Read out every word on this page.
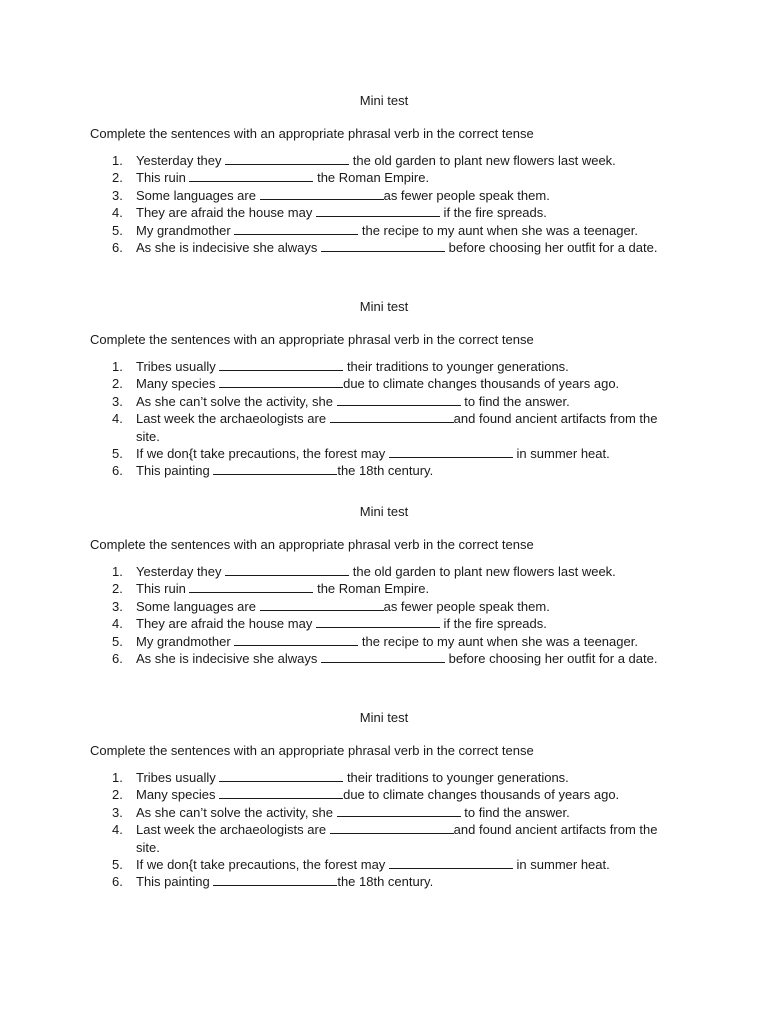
Mini test

Complete the sentences with an appropriate phrasal verb in the correct tense

1. Yesterday they	the old garden to plant new flowers last week.
2. This ruin	the Roman Empire.
3. Some languages are	as fewer people speak them.
4. They are afraid the house may	if the fire spreads.
5. My grandmother	the recipe to my aunt when she was a teenager.
6. As she is indecisive she always	before choosing her outfit for a date.

Mini test

Complete the sentences with an appropriate phrasal verb in the correct tense

1. Tribes usually	their traditions to younger generations.
2. Many species	due to climate changes thousands of years ago.
3. As she can’t solve the activity, she	to find the answer.
4. Last week the archaeologists are	and found ancient artifacts from the site.
5. If we don{t take precautions, the forest may	in summer heat.
6. This painting	the 18th century.

Mini test

Complete the sentences with an appropriate phrasal verb in the correct tense

1. Yesterday they	the old garden to plant new flowers last week.
2. This ruin	the Roman Empire.
3. Some languages are	as fewer people speak them.
4. They are afraid the house may	if the fire spreads.
5. My grandmother	the recipe to my aunt when she was a teenager.
6. As she is indecisive she always	before choosing her outfit for a date.

Mini test

Complete the sentences with an appropriate phrasal verb in the correct tense

1. Tribes usually	their traditions to younger generations.
2. Many species	due to climate changes thousands of years ago.
3. As she can’t solve the activity, she	to find the answer.
4. Last week the archaeologists are	and found ancient artifacts from the site.
5. If we don{t take precautions, the forest may	in summer heat.
6. This painting	the 18th century.
